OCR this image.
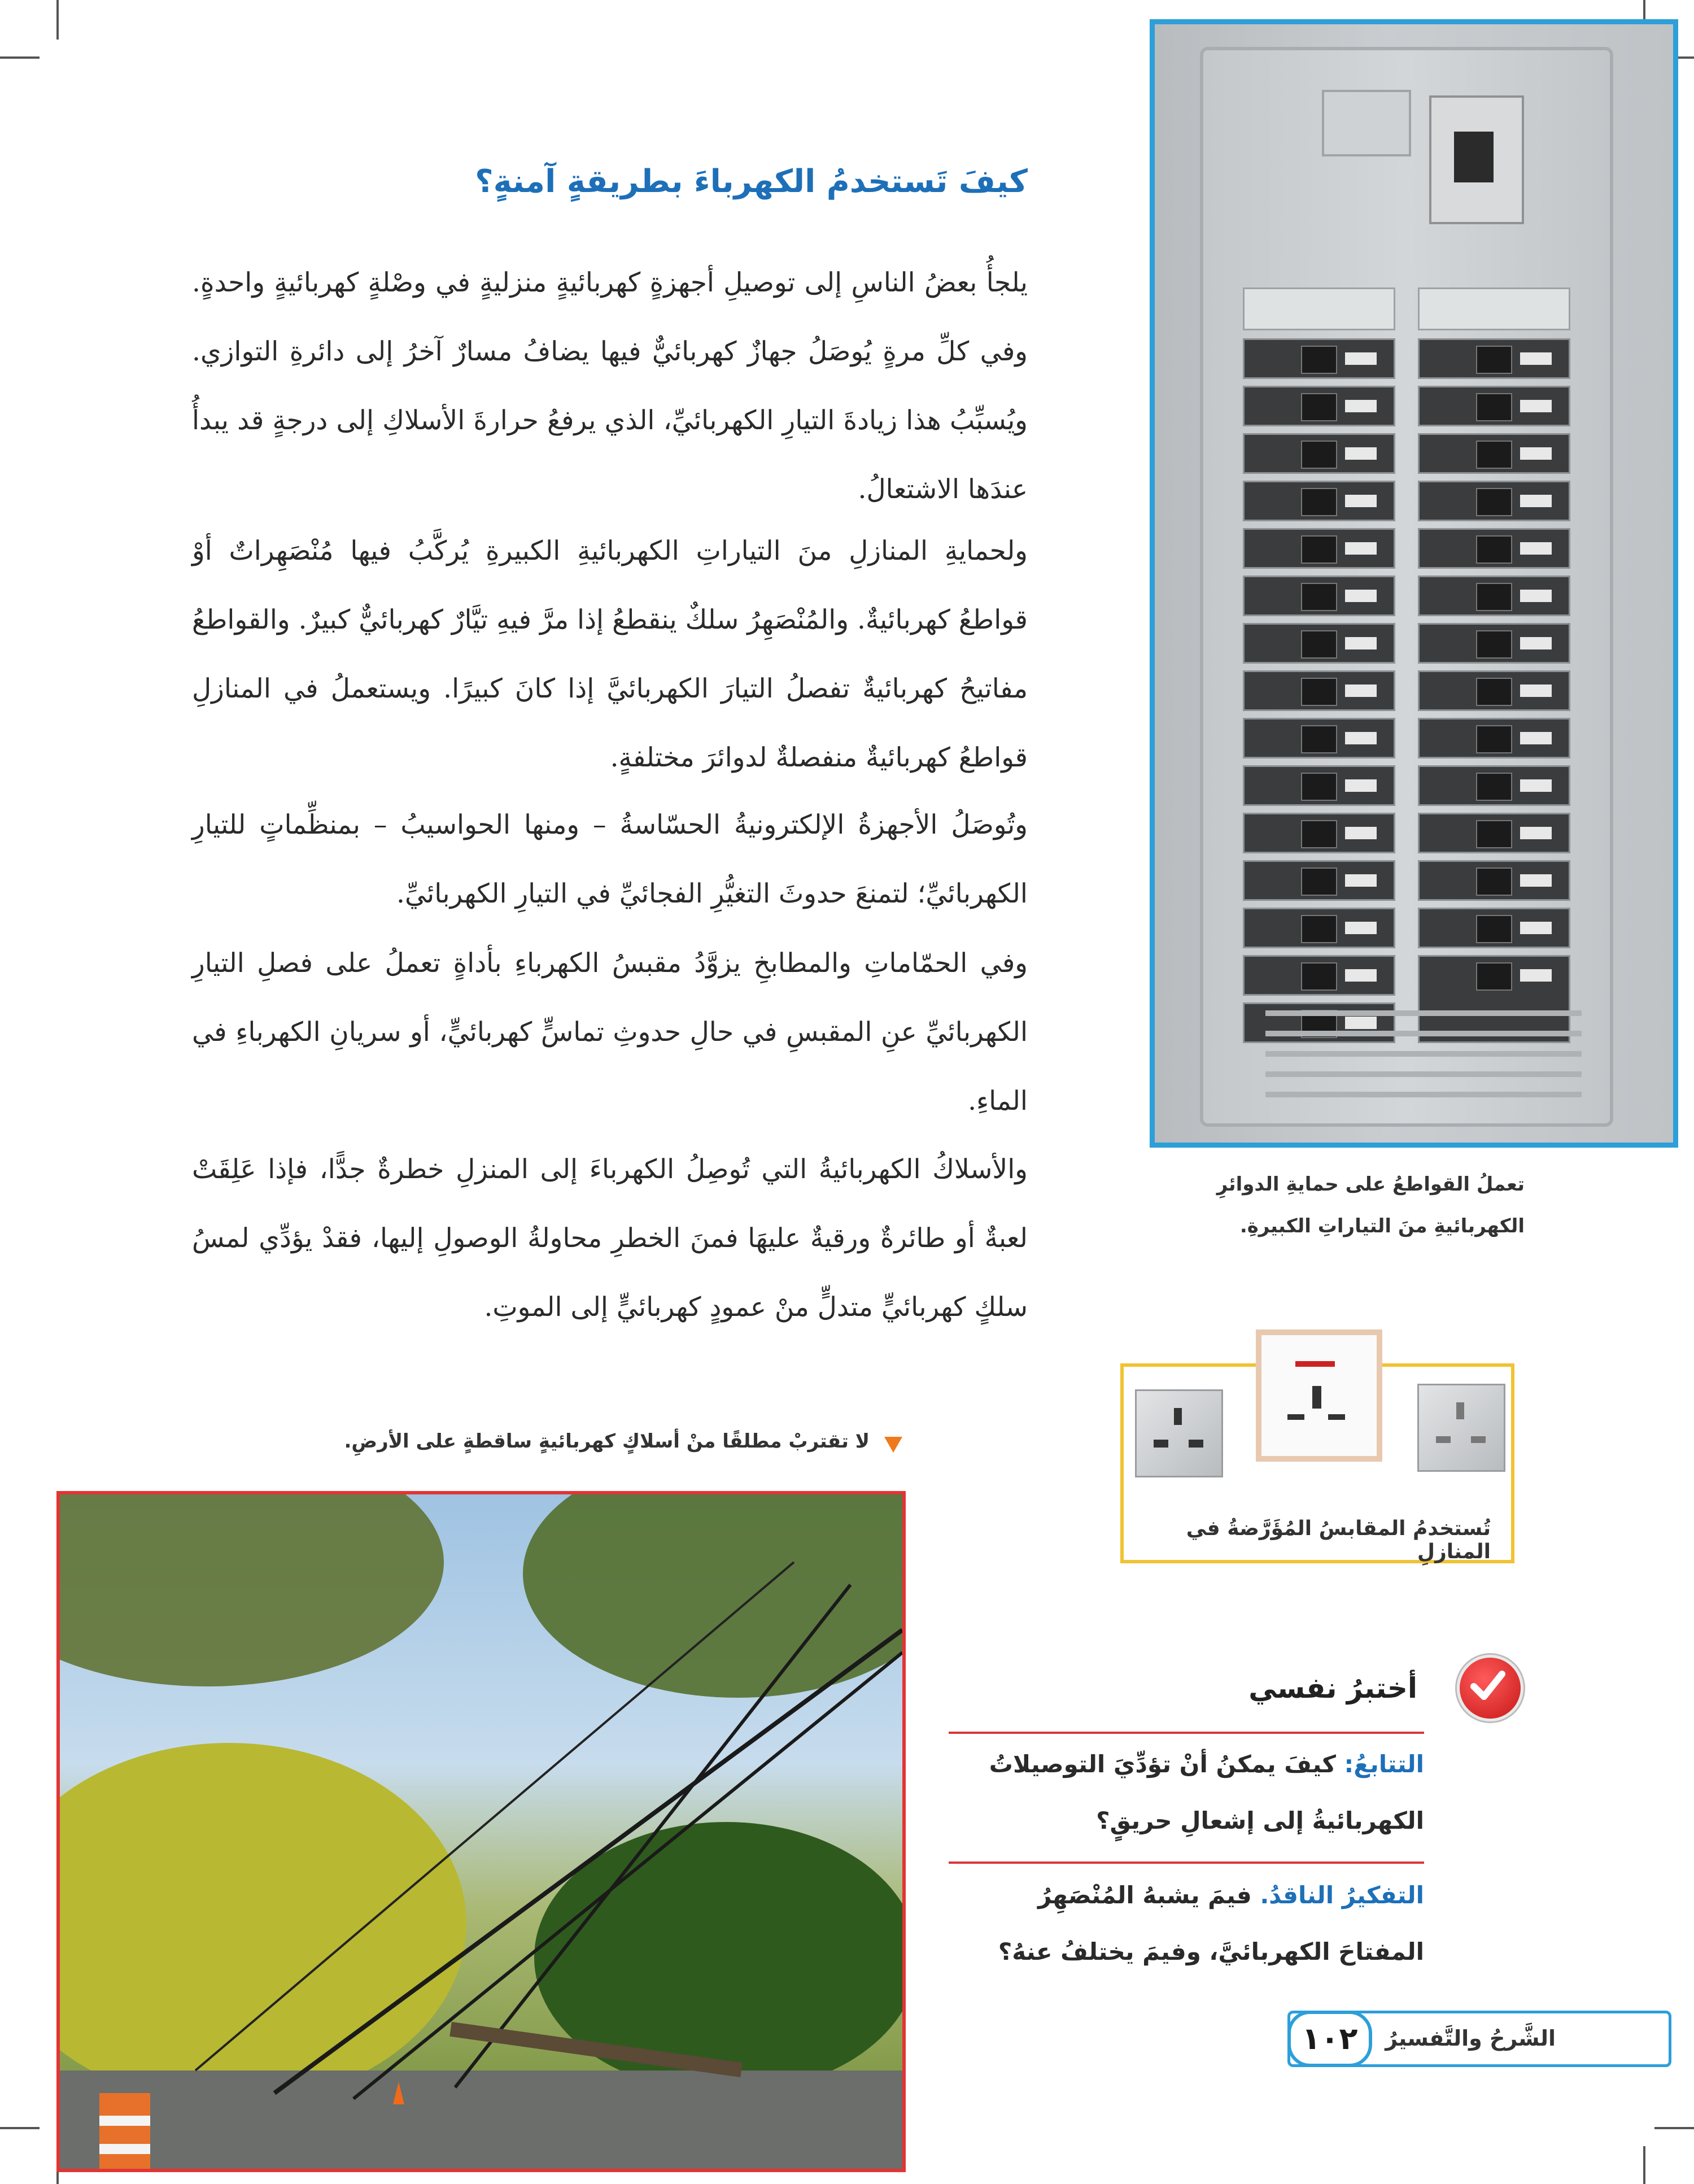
كيفَ تَستخدمُ الكهرباءَ بطريقةٍ آمنةٍ؟

يلجأُ بعضُ الناسِ إلى توصيلِ أجهزةٍ كهربائيةٍ منزليةٍ في وصْلةٍ كهربائيةٍ واحدةٍ. وفي كلِّ مرةٍ يُوصَلُ جهازٌ كهربائيٌّ فيها يضافُ مسارٌ آخرُ إلى دائرةِ التوازي. ويُسبِّبُ هذا زيادةَ التيارِ الكهربائيِّ، الذي يرفعُ حرارةَ الأسلاكِ إلى درجةٍ قد يبدأُ عندَها الاشتعالُ.

ولحمايةِ المنازلِ منَ التياراتِ الكهربائيةِ الكبيرةِ يُركَّبُ فيها مُنْصَهِراتٌ أوْ قواطعُ كهربائيةٌ. والمُنْصَهِرُ سلكٌ ينقطعُ إذا مرَّ فيهِ تيَّارٌ كهربائيٌّ كبيرٌ. والقواطعُ مفاتيحُ كهربائيةٌ تفصلُ التيارَ الكهربائيَّ إذا كانَ كبيرًا. ويستعملُ في المنازلِ قواطعُ كهربائيةٌ منفصلةٌ لدوائرَ مختلفةٍ.

وتُوصَلُ الأجهزةُ الإلكترونيةُ الحسّاسةُ – ومنها الحواسيبُ – بمنظِّماتٍ للتيارِ الكهربائيِّ؛ لتمنعَ حدوثَ التغيُّرِ الفجائيِّ في التيارِ الكهربائيِّ.

وفي الحمّاماتِ والمطابخِ يزوَّدُ مقبسُ الكهرباءِ بأداةٍ تعملُ على فصلِ التيارِ الكهربائيِّ عنِ المقبسِ في حالِ حدوثِ تماسٍّ كهربائيٍّ، أو سريانِ الكهرباءِ في الماءِ.

والأسلاكُ الكهربائيةُ التي تُوصِلُ الكهرباءَ إلى المنزلِ خطرةٌ جدًّا، فإذا عَلِقَتْ لعبةٌ أو طائرةٌ ورقيةٌ عليهَا فمنَ الخطرِ محاولةُ الوصولِ إليها، فقدْ يؤدِّي لمسُ سلكٍ كهربائيٍّ متدلٍّ منْ عمودٍ كهربائيٍّ إلى الموتِ.

تعملُ القواطعُ على حمايةِ الدوائرِ الكهربائيةِ منَ التياراتِ الكبيرةِ.
تُستخدمُ المقابسُ المُؤَرَّضةُ في المنازلِ
أختبرُ نفسي
التتابعُ: كيفَ يمكنُ أنْ تؤدِّيَ التوصيلاتُ الكهربائيةُ إلى إشعالِ حريقٍ؟
التفكيرُ الناقدُ. فيمَ يشبهُ المُنْصَهِرُ المفتاحَ الكهربائيَّ، وفيمَ يختلفُ عنهُ؟
الشَّرحُ والتَّفسيرُ
١٠٢
لا تقتربْ مطلقًا منْ أسلاكٍ كهربائيةٍ ساقطةٍ على الأرضِ.
